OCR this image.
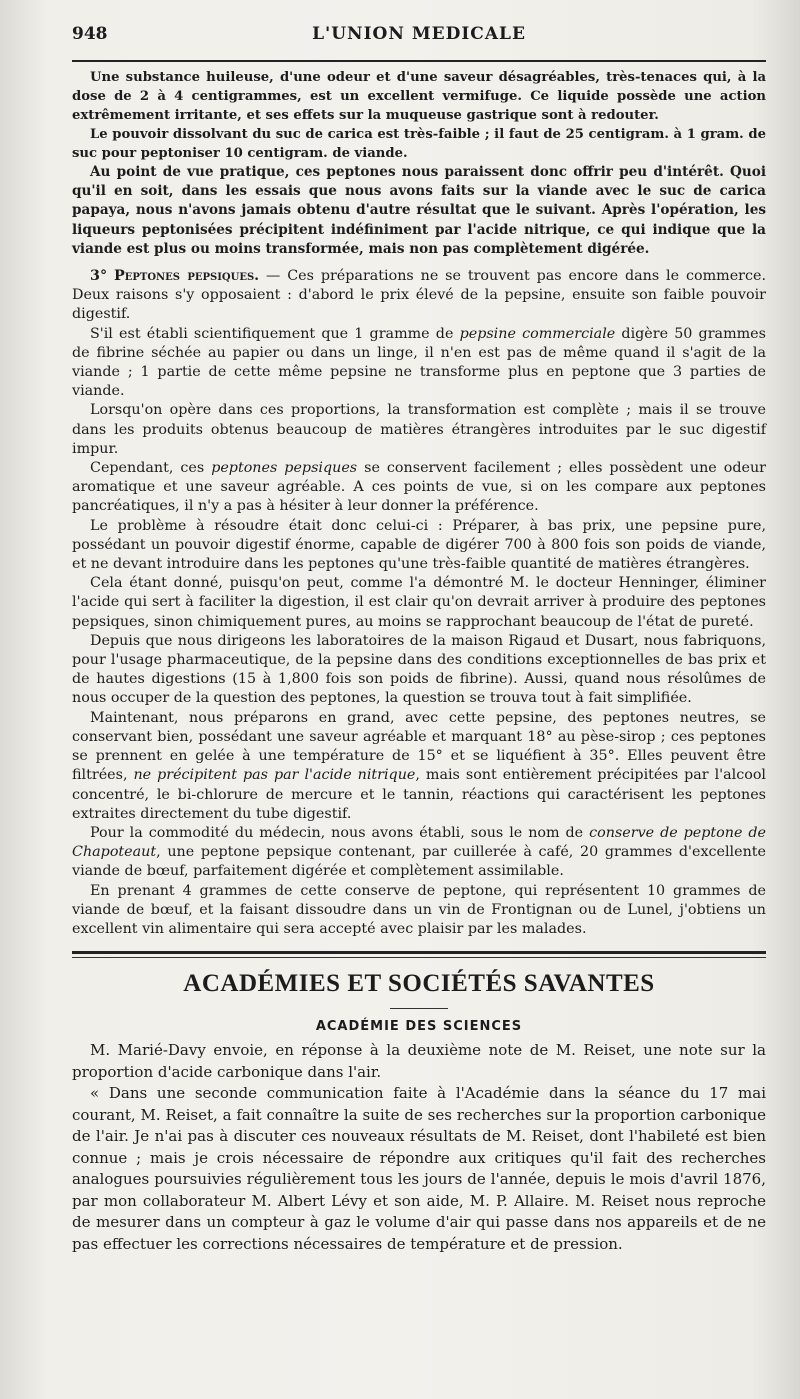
948	L'UNION MEDICALE

Une substance huileuse, d'une odeur et d'une saveur désagréables, très-tenaces qui, à la dose de 2 à 4 centigrammes, est un excellent vermifuge. Ce liquide possède une action extrêmement irritante, et ses effets sur la muqueuse gastrique sont à redouter.

Le pouvoir dissolvant du suc de carica est très-faible ; il faut de 25 centigram. à 1 gram. de suc pour peptoniser 10 centigram. de viande.

Au point de vue pratique, ces peptones nous paraissent donc offrir peu d'intérêt. Quoi qu'il en soit, dans les essais que nous avons faits sur la viande avec le suc de carica papaya, nous n'avons jamais obtenu d'autre résultat que le suivant. Après l'opération, les liqueurs peptonisées précipitent indéfiniment par l'acide nitrique, ce qui indique que la viande est plus ou moins transformée, mais non pas complètement digérée.

3° Peptones pepsiques. — Ces préparations ne se trouvent pas encore dans le commerce. Deux raisons s'y opposaient : d'abord le prix élevé de la pepsine, ensuite son faible pouvoir digestif.

S'il est établi scientifiquement que 1 gramme de pepsine commerciale digère 50 grammes de fibrine séchée au papier ou dans un linge, il n'en est pas de même quand il s'agit de la viande ; 1 partie de cette même pepsine ne transforme plus en peptone que 3 parties de viande.

Lorsqu'on opère dans ces proportions, la transformation est complète ; mais il se trouve dans les produits obtenus beaucoup de matières étrangères introduites par le suc digestif impur.

Cependant, ces peptones pepsiques se conservent facilement ; elles possèdent une odeur aromatique et une saveur agréable. A ces points de vue, si on les compare aux peptones pancréatiques, il n'y a pas à hésiter à leur donner la préférence.

Le problème à résoudre était donc celui-ci : Préparer, à bas prix, une pepsine pure, possédant un pouvoir digestif énorme, capable de digérer 700 à 800 fois son poids de viande, et ne devant introduire dans les peptones qu'une très-faible quantité de matières étrangères.

Cela étant donné, puisqu'on peut, comme l'a démontré M. le docteur Henninger, éliminer l'acide qui sert à faciliter la digestion, il est clair qu'on devrait arriver à produire des peptones pepsiques, sinon chimiquement pures, au moins se rapprochant beaucoup de l'état de pureté.

Depuis que nous dirigeons les laboratoires de la maison Rigaud et Dusart, nous fabriquons, pour l'usage pharmaceutique, de la pepsine dans des conditions exceptionnelles de bas prix et de hautes digestions (15 à 1,800 fois son poids de fibrine). Aussi, quand nous résolûmes de nous occuper de la question des peptones, la question se trouva tout à fait simplifiée.

Maintenant, nous préparons en grand, avec cette pepsine, des peptones neutres, se conservant bien, possédant une saveur agréable et marquant 18° au pèse-sirop ; ces peptones se prennent en gelée à une température de 15° et se liquéfient à 35°. Elles peuvent être filtrées, ne précipitent pas par l'acide nitrique, mais sont entièrement précipitées par l'alcool concentré, le bi-chlorure de mercure et le tannin, réactions qui caractérisent les peptones extraites directement du tube digestif.

Pour la commodité du médecin, nous avons établi, sous le nom de conserve de peptone de Chapoteaut, une peptone pepsique contenant, par cuillerée à café, 20 grammes d'excellente viande de bœuf, parfaitement digérée et complètement assimilable.

En prenant 4 grammes de cette conserve de peptone, qui représentent 10 grammes de viande de bœuf, et la faisant dissoudre dans un vin de Frontignan ou de Lunel, j'obtiens un excellent vin alimentaire qui sera accepté avec plaisir par les malades.

ACADÉMIES ET SOCIÉTÉS SAVANTES
ACADÉMIE DES SCIENCES

M. Marié-Davy envoie, en réponse à la deuxième note de M. Reiset, une note sur la proportion d'acide carbonique dans l'air.

« Dans une seconde communication faite à l'Académie dans la séance du 17 mai courant, M. Reiset, a fait connaître la suite de ses recherches sur la proportion carbonique de l'air. Je n'ai pas à discuter ces nouveaux résultats de M. Reiset, dont l'habileté est bien connue ; mais je crois nécessaire de répondre aux critiques qu'il fait des recherches analogues poursuivies régulièrement tous les jours de l'année, depuis le mois d'avril 1876, par mon collaborateur M. Albert Lévy et son aide, M. P. Allaire. M. Reiset nous reproche de mesurer dans un compteur à gaz le volume d'air qui passe dans nos appareils et de ne pas effectuer les corrections nécessaires de température et de pression.
